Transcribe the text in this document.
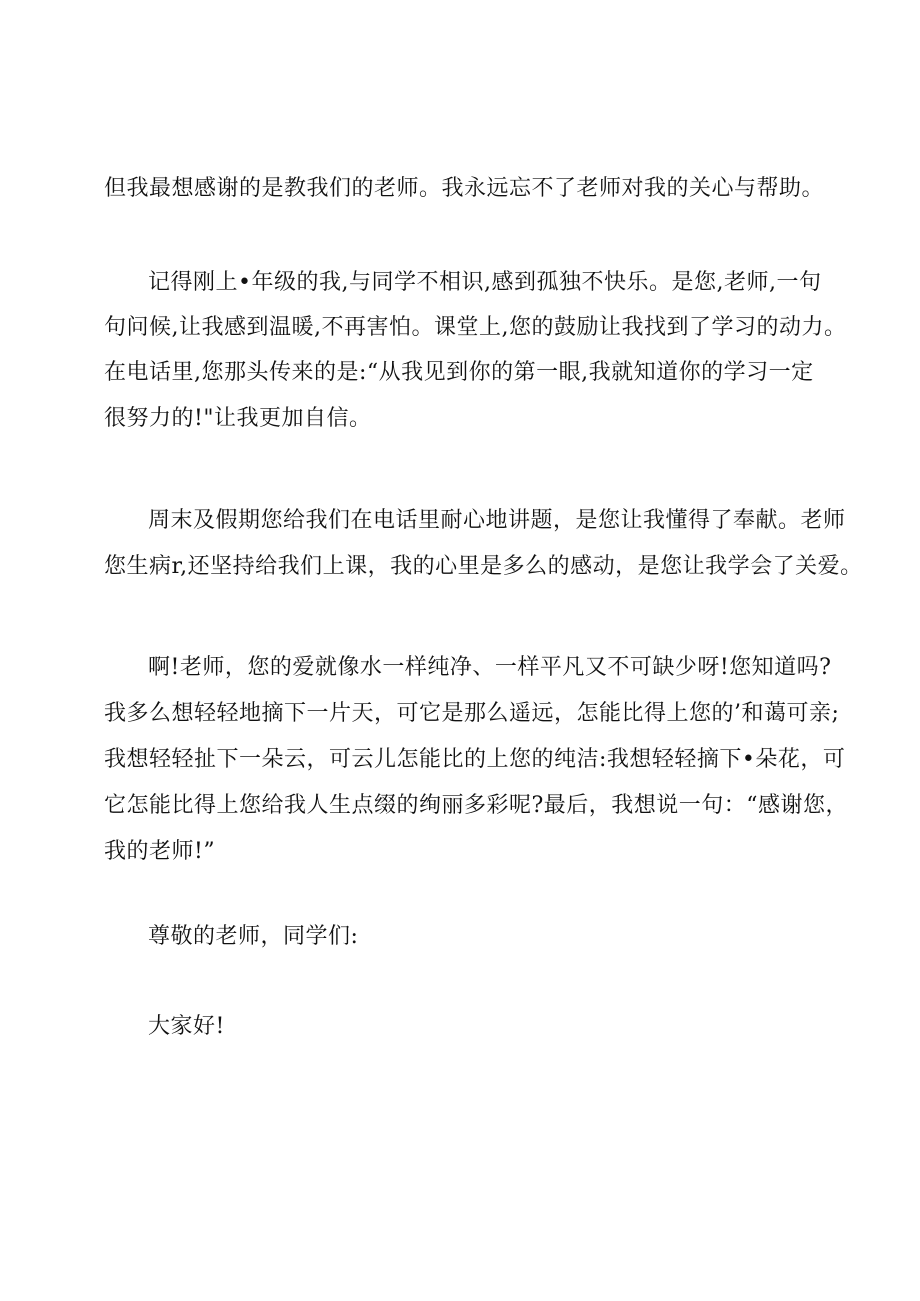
但我最想感谢的是教我们的老师。我永远忘不了老师对我的关心与帮助。
记得刚上•年级的我,与同学不相识,感到孤独不快乐。是您,老师,一句
句问候,让我感到温暖,不再害怕。课堂上,您的鼓励让我找到了学习的动力。
在电话里,您那头传来的是:“从我见到你的第一眼,我就知道你的学习一定
很努力的!"让我更加自信。
周末及假期您给我们在电话里耐心地讲题，是您让我懂得了奉献。老师
您生病r,还坚持给我们上课，我的心里是多么的感动，是您让我学会了关爱。
啊!老师，您的爱就像水一样纯净、一样平凡又不可缺少呀!您知道吗?
我多么想轻轻地摘下一片天，可它是那么遥远，怎能比得上您的’和蔼可亲;
我想轻轻扯下一朵云，可云儿怎能比的上您的纯洁:我想轻轻摘下•朵花，可
它怎能比得上您给我人生点缀的绚丽多彩呢?最后，我想说一句：“感谢您，
我的老师!”
尊敬的老师，同学们:
大家好!
